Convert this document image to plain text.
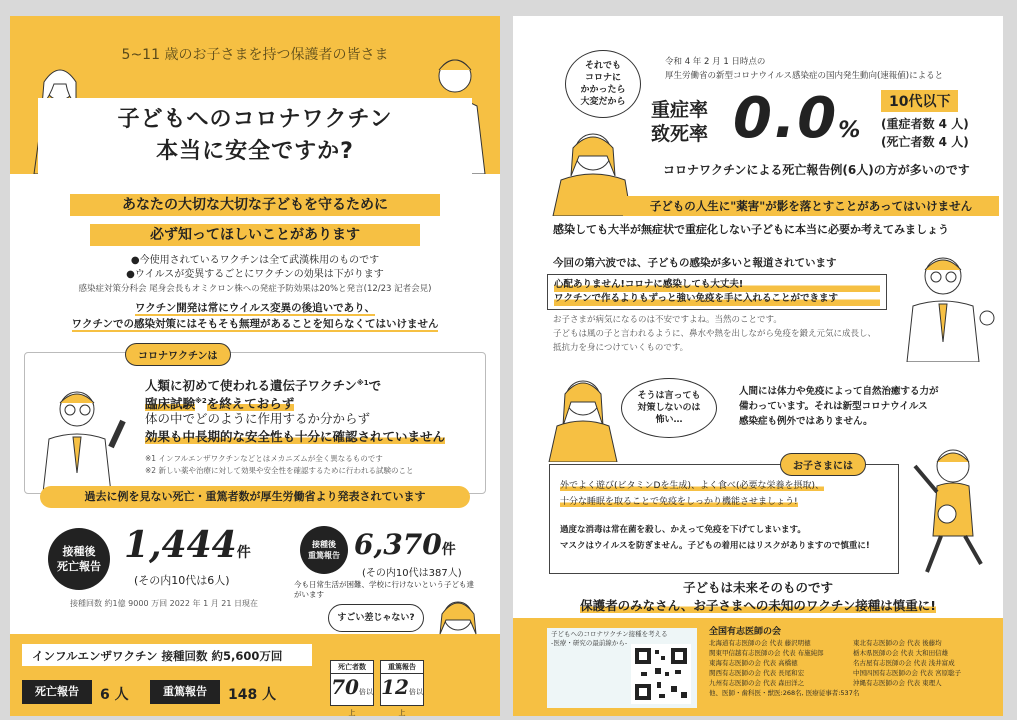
5~11 歳のお子さまを持つ保護者の皆さま
子どもへのコロナワクチン
本当に安全ですか?
あなたの大切な大切な子どもを守るために
必ず知ってほしいことがあります
●今使用されているワクチンは全て武漢株用のものです
●ウイルスが変異するごとにワクチンの効果は下がります
感染症対策分科会 尾身会長もオミクロン株への発症予防効果は20%と発言(12/23 記者会見)
ワクチン開発は常にウイルス変異の後追いであり、
ワクチンでの感染対策にはそもそも無理があることを知らなくてはいけません
コロナワクチンは
人類に初めて使われる遺伝子ワクチン$^{※1}$で
臨床試験$^{※2}$を終えておらず
体の中でどのように作用するか分からず
効果も中長期的な安全性も十分に確認されていません
※1 インフルエンザワクチンなどとはメカニズムが全く異なるものです
※2 新しい薬や治療に対して効果や安全性を確認するために行われる試験のこと
過去に例を見ない死亡・重篤者数が厚生労働省より発表されています
接種後
死亡報告
1,444件
(その内10代は6人)
接種後
重篤報告 6,370件
(その内10代は387人)
今も日常生活が困難、学校に行けないという子ども達がいます
接種回数 約1億 9000 万回 2022 年 1 月 21 日現在
すごい差じゃない?
インフルエンザワクチン 接種回数 約5,600万回
死亡報告	6 人	重篤報告	148 人
死亡者数
70倍以上
重篤報告
12倍以上
それでも
コロナに
かかったら
大変だから
令和 4 年 2 月 1 日時点の
厚生労働省の新型コロナウイルス感染症の国内発生動向(速報値)によると
重症率
致死率 0.0%
10代以下
(重症者数 4 人)
(死亡者数 4 人)
コロナワクチンによる死亡報告例(6人)の方が多いのです
子どもの人生に"薬害"が影を落とすことがあってはいけません
感染しても大半が無症状で重症化しない子どもに本当に必要か考えてみましょう
今回の第六波では、子どもの感染が多いと報道されています
心配ありません!コロナに感染しても大丈夫!
ワクチンで作るよりもずっと強い免疫を手に入れることができます
お子さまが病気になるのは不安ですよね。当然のことです。
子どもは風の子と言われるように、鼻水や熱を出しながら免疫を鍛え元気に成長し、
抵抗力を身につけていくものです。
そうは言っても
対策しないのは
怖い…
人間には体力や免疫によって自然治癒する力が
備わっています。それは新型コロナウイルス
感染症も例外ではありません。
お子さまには
外でよく遊び(ビタミンDを生成)、よく食べ(必要な栄養を摂取)、
十分な睡眠を取ることで免疫をしっかり機能させましょう!
過度な消毒は常在菌を殺し、かえって免疫を下げてしまいます。
マスクはウイルスを防ぎません。子どもの着用にはリスクがありますので慎重に!
子どもは未来そのものです
保護者のみなさん、お子さまへの未知のワクチン接種は慎重に!
子どもへのコロナワクチン接種を考える
-医療・研究の最前線から-
全国有志医師の会
北海道有志医師の会 代表 藤沢明徳
関東甲信越有志医師の会 代表 布施純郎
東海有志医師の会 代表 高橋徳
関西有志医師の会 代表 長尾和宏
九州有志医師の会 代表 森田洋之
他、医師・歯科医・獣医:268名, 医療従事者:537名
東北有志医師の会 代表 後藤均
栃木県医師の会 代表 大和田信雄
名古屋有志医師の会 代表 浅井富成
中国四国有志医師の会 代表 宮原聡子
沖縄有志医師の会 代表 東理人
